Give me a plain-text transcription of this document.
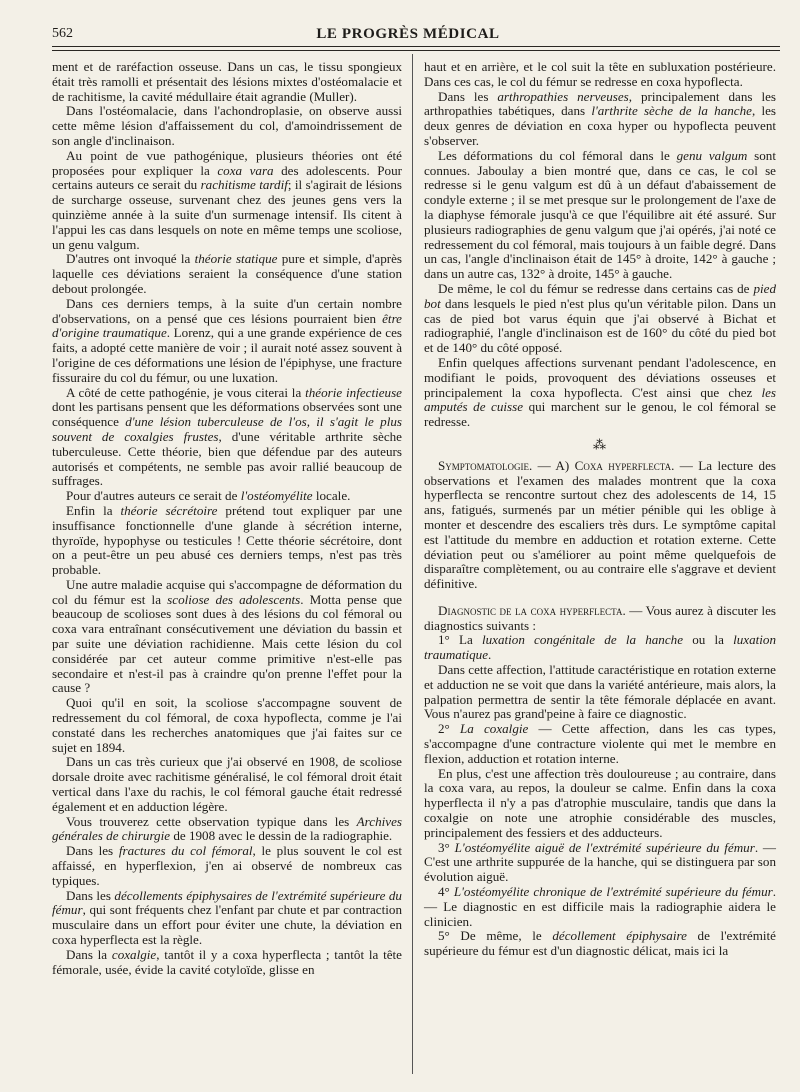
562	LE PROGRÈS MÉDICAL

ment et de raréfaction osseuse. Dans un cas, le tissu spongieux était très ramolli et présentait des lésions mixtes d'ostéomalacie et de rachitisme, la cavité médullaire était agrandie (Muller).

Dans l'ostéomalacie, dans l'achondroplasie, on observe aussi cette même lésion d'affaissement du col, d'amoindrissement de son angle d'inclinaison.

Au point de vue pathogénique, plusieurs théories ont été proposées pour expliquer la coxa vara des adolescents. Pour certains auteurs ce serait du rachitisme tardif; il s'agirait de lésions de surcharge osseuse, survenant chez des jeunes gens vers la quinzième année à la suite d'un surmenage intensif. Ils citent à l'appui les cas dans lesquels on note en même temps une scoliose, un genu valgum.

D'autres ont invoqué la théorie statique pure et simple, d'après laquelle ces déviations seraient la conséquence d'une station debout prolongée.

Dans ces derniers temps, à la suite d'un certain nombre d'observations, on a pensé que ces lésions pourraient bien être d'origine traumatique. Lorenz, qui a une grande expérience de ces faits, a adopté cette manière de voir ; il aurait noté assez souvent à l'origine de ces déformations une lésion de l'épiphyse, une fracture fissuraire du col du fémur, ou une luxation.

A côté de cette pathogénie, je vous citerai la théorie infectieuse dont les partisans pensent que les déformations observées sont une conséquence d'une lésion tuberculeuse de l'os, il s'agit le plus souvent de coxalgies frustes, d'une véritable arthrite sèche tuberculeuse. Cette théorie, bien que défendue par des auteurs autorisés et compétents, ne semble pas avoir rallié beaucoup de suffrages.

Pour d'autres auteurs ce serait de l'ostéomyélite locale.

Enfin la théorie sécrétoire prétend tout expliquer par une insuffisance fonctionnelle d'une glande à sécrétion interne, thyroïde, hypophyse ou testicules ! Cette théorie sécrétoire, dont on a peut-être un peu abusé ces derniers temps, n'est pas très probable.

Une autre maladie acquise qui s'accompagne de déformation du col du fémur est la scoliose des adolescents. Motta pense que beaucoup de scolioses sont dues à des lésions du col fémoral ou coxa vara entraînant consécutivement une déviation du bassin et par suite une déviation rachidienne. Mais cette lésion du col considérée par cet auteur comme primitive n'est-elle pas secondaire et n'est-il pas à craindre qu'on prenne l'effet pour la cause ?

Quoi qu'il en soit, la scoliose s'accompagne souvent de redressement du col fémoral, de coxa hypoflecta, comme je l'ai constaté dans les recherches anatomiques que j'ai faites sur ce sujet en 1894.

Dans un cas très curieux que j'ai observé en 1908, de scoliose dorsale droite avec rachitisme généralisé, le col fémoral droit était vertical dans l'axe du rachis, le col fémoral gauche était redressé également et en adduction légère.

Vous trouverez cette observation typique dans les Archives générales de chirurgie de 1908 avec le dessin de la radiographie.

Dans les fractures du col fémoral, le plus souvent le col est affaissé, en hyperflexion, j'en ai observé de nombreux cas typiques.

Dans les décollements épiphysaires de l'extrémité supérieure du fémur, qui sont fréquents chez l'enfant par chute et par contraction musculaire dans un effort pour éviter une chute, la déviation en coxa hyperflecta est la règle.

Dans la coxalgie, tantôt il y a coxa hyperflecta ; tantôt la tête fémorale, usée, évide la cavité cotyloïde, glisse en

haut et en arrière, et le col suit la tête en subluxation postérieure. Dans ces cas, le col du fémur se redresse en coxa hypoflecta.

Dans les arthropathies nerveuses, principalement dans les arthropathies tabétiques, dans l'arthrite sèche de la hanche, les deux genres de déviation en coxa hyper ou hypoflecta peuvent s'observer.

Les déformations du col fémoral dans le genu valgum sont connues. Jaboulay a bien montré que, dans ce cas, le col se redresse si le genu valgum est dû à un défaut d'abaissement de condyle externe ; il se met presque sur le prolongement de l'axe de la diaphyse fémorale jusqu'à ce que l'équilibre ait été assuré. Sur plusieurs radiographies de genu valgum que j'ai opérés, j'ai noté ce redressement du col fémoral, mais toujours à un faible degré. Dans un cas, l'angle d'inclinaison était de 145° à droite, 142° à gauche ; dans un autre cas, 132° à droite, 145° à gauche.

De même, le col du fémur se redresse dans certains cas de pied bot dans lesquels le pied n'est plus qu'un véritable pilon. Dans un cas de pied bot varus équin que j'ai observé à Bichat et radiographié, l'angle d'inclinaison est de 160° du côté du pied bot et de 140° du côté opposé.

Enfin quelques affections survenant pendant l'adolescence, en modifiant le poids, provoquent des déviations osseuses et principalement la coxa hypoflecta. C'est ainsi que chez les amputés de cuisse qui marchent sur le genou, le col fémoral se redresse.

⁂

Symptomatologie. — A) Coxa hyperflecta. — La lecture des observations et l'examen des malades montrent que la coxa hyperflecta se rencontre surtout chez des adolescents de 14, 15 ans, fatigués, surmenés par un métier pénible qui les oblige à monter et descendre des escaliers très durs. Le symptôme capital est l'attitude du membre en adduction et rotation externe. Cette déviation peut ou s'améliorer au point même quelquefois de disparaître complètement, ou au contraire elle s'aggrave et devient définitive.

Diagnostic de la coxa hyperflecta. — Vous aurez à discuter les diagnostics suivants :

1° La luxation congénitale de la hanche ou la luxation traumatique.

Dans cette affection, l'attitude caractéristique en rotation externe et adduction ne se voit que dans la variété antérieure, mais alors, la palpation permettra de sentir la tête fémorale déplacée en avant. Vous n'aurez pas grand'peine à faire ce diagnostic.

2° La coxalgie — Cette affection, dans les cas types, s'accompagne d'une contracture violente qui met le membre en flexion, adduction et rotation interne.

En plus, c'est une affection très douloureuse ; au contraire, dans la coxa vara, au repos, la douleur se calme. Enfin dans la coxa hyperflecta il n'y a pas d'atrophie musculaire, tandis que dans la coxalgie on note une atrophie considérable des muscles, principalement des fessiers et des adducteurs.

3° L'ostéomyélite aiguë de l'extrémité supérieure du fémur. — C'est une arthrite suppurée de la hanche, qui se distinguera par son évolution aiguë.

4° L'ostéomyélite chronique de l'extrémité supérieure du fémur. — Le diagnostic en est difficile mais la radiographie aidera le clinicien.

5° De même, le décollement épiphysaire de l'extrémité supérieure du fémur est d'un diagnostic délicat, mais ici la
